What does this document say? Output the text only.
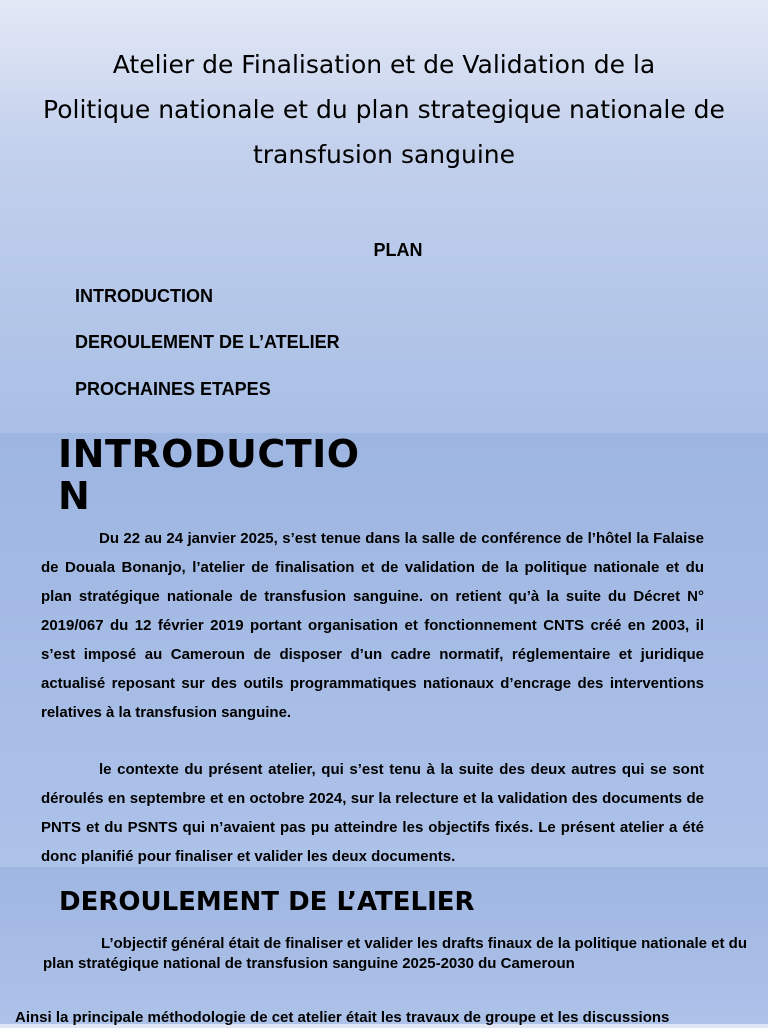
Atelier de Finalisation et de Validation de la
Politique nationale et du plan strategique nationale de
transfusion sanguine
PLAN
INTRODUCTION
DEROULEMENT DE L’ATELIER
PROCHAINES ETAPES
INTRODUCTION

Du 22 au 24 janvier 2025, s’est tenue dans la salle de conférence de l’hôtel la Falaise de Douala Bonanjo, l’atelier de finalisation et de validation de la politique nationale et du plan stratégique nationale de transfusion sanguine. on retient qu’à la suite du Décret N° 2019/067 du 12 février 2019 portant organisation et fonctionnement CNTS créé en 2003, il s’est imposé au Cameroun de disposer d’un cadre normatif, réglementaire et juridique actualisé reposant sur des outils programmatiques nationaux d’encrage des interventions relatives à la transfusion sanguine.

le contexte du présent atelier, qui s’est tenu à la suite des deux autres qui se sont déroulés en septembre et en octobre 2024, sur la relecture et la validation des documents de PNTS et du PSNTS qui n’avaient pas pu atteindre les objectifs fixés. Le présent atelier a été donc planifié pour finaliser et valider les deux documents.

DEROULEMENT DE L’ATELIER

L’objectif général était de finaliser et valider les drafts finaux de la politique nationale et du plan stratégique national de transfusion sanguine 2025-2030 du Cameroun

Ainsi la principale méthodologie de cet atelier était les travaux de groupe et les discussions
